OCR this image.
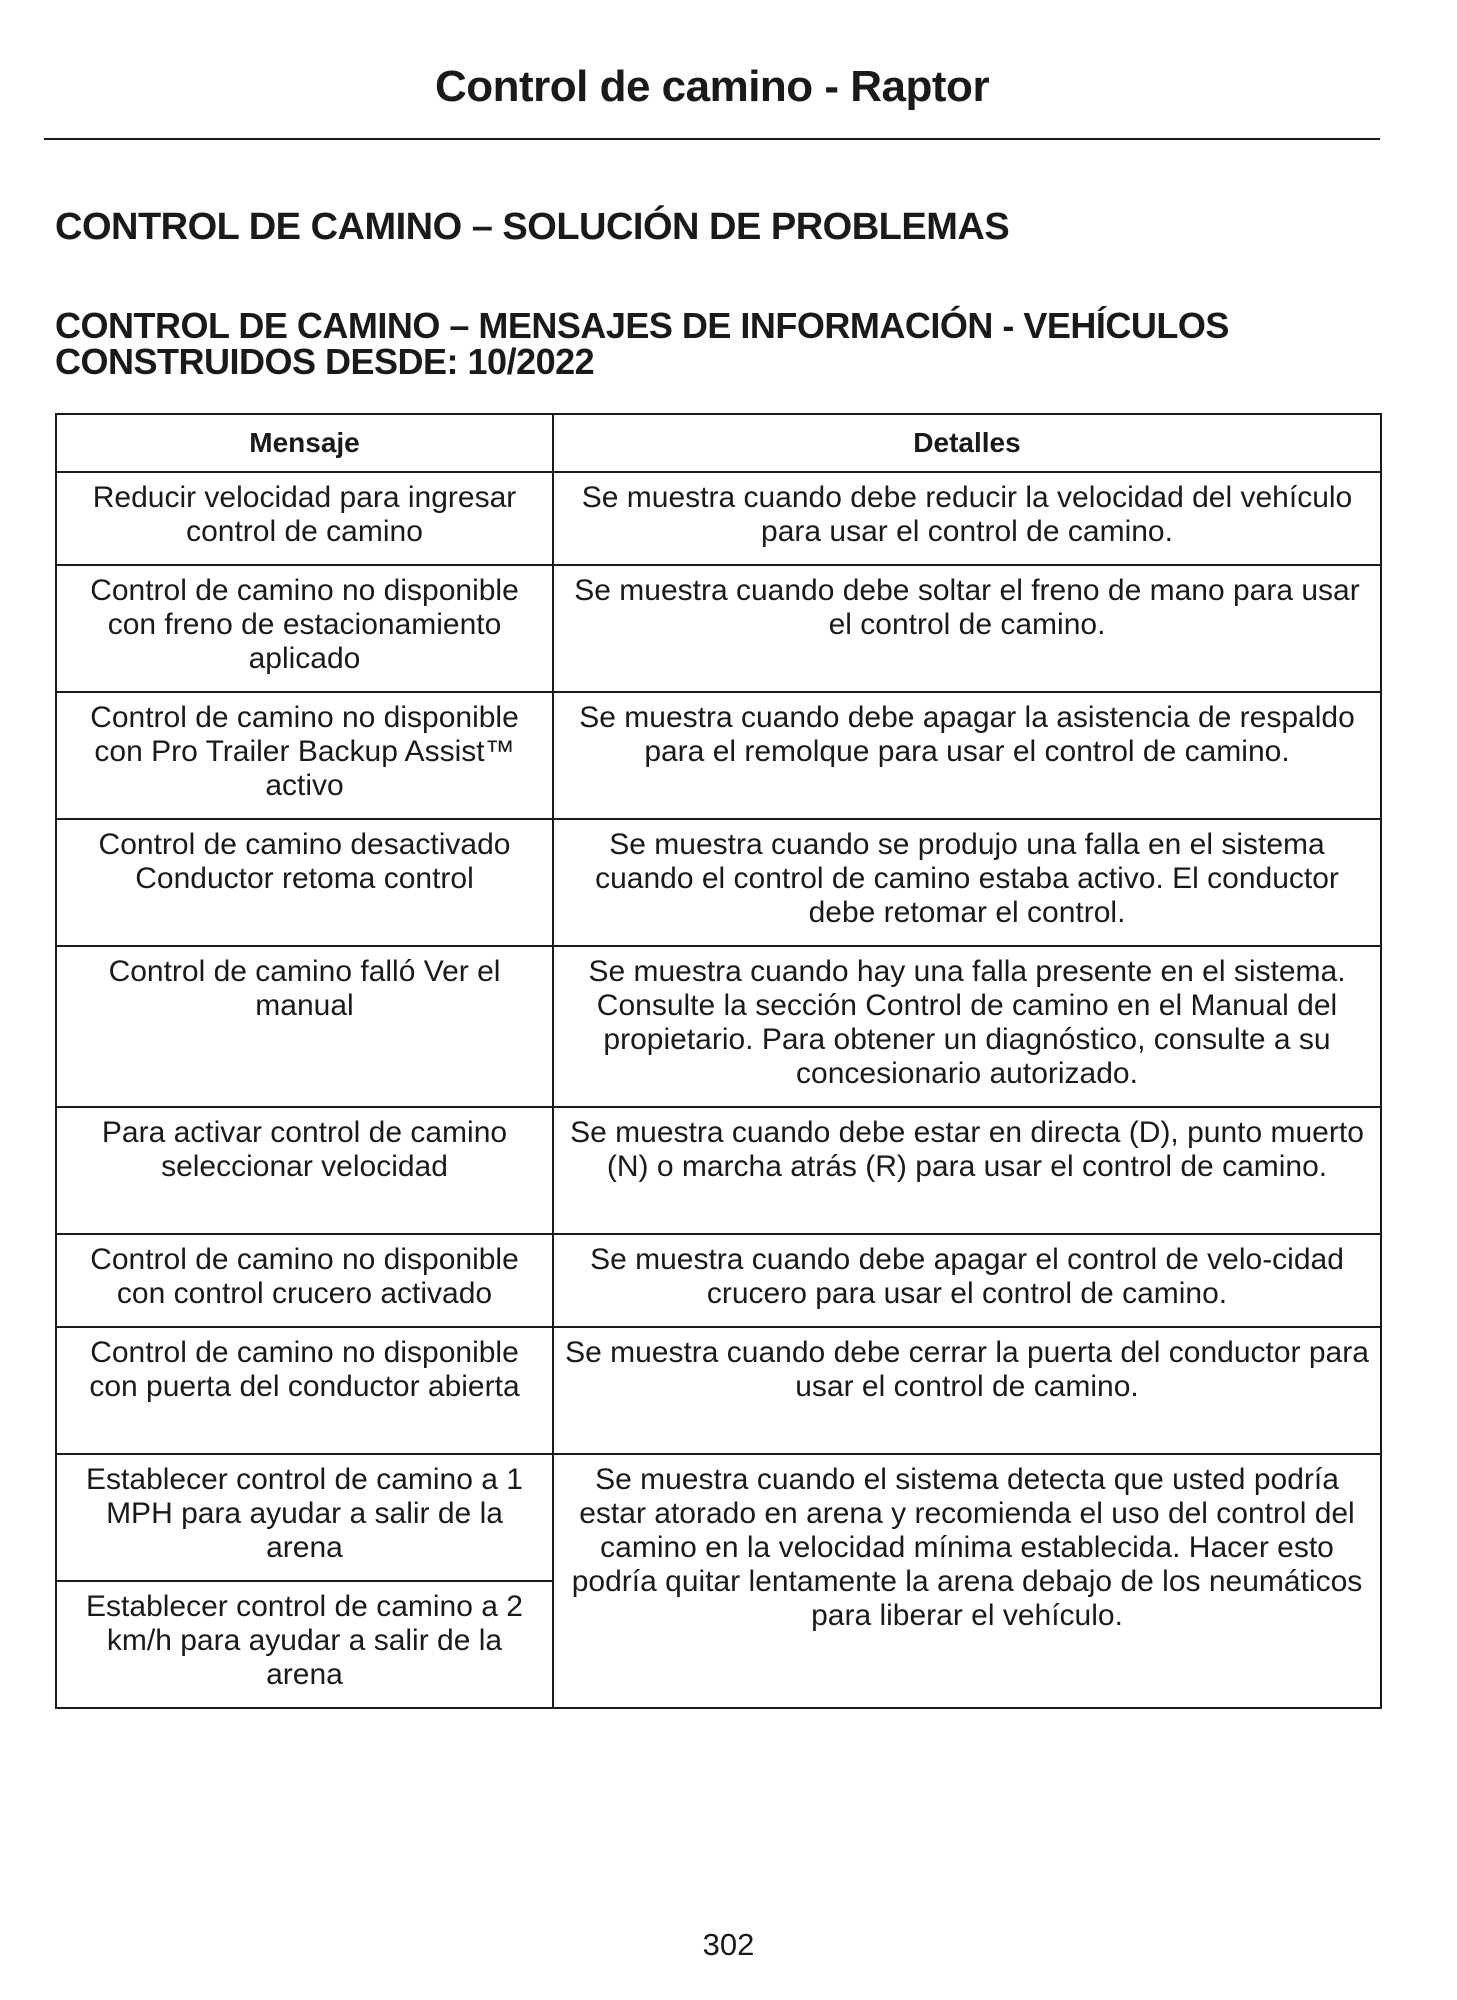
Control de camino - Raptor
CONTROL DE CAMINO – SOLUCIÓN DE PROBLEMAS
CONTROL DE CAMINO – MENSAJES DE INFORMACIÓN - VEHÍCULOS CONSTRUIDOS DESDE: 10/2022
Mensaje	Detalles
Reducir velocidad para ingresar control de camino	Se muestra cuando debe reducir la velocidad del vehículo para usar el control de camino.
Control de camino no disponible con freno de estacionamiento aplicado	Se muestra cuando debe soltar el freno de mano para usar el control de camino.
Control de camino no disponible con Pro Trailer Backup Assist™ activo	Se muestra cuando debe apagar la asistencia de respaldo para el remolque para usar el control de camino.
Control de camino desactivado Conductor retoma control	Se muestra cuando se produjo una falla en el sistema cuando el control de camino estaba activo. El conductor debe retomar el control.
Control de camino falló Ver el manual	Se muestra cuando hay una falla presente en el sistema. Consulte la sección Control de camino en el Manual del propietario. Para obtener un diagnóstico, consulte a su concesionario autorizado.
Para activar control de camino seleccionar velocidad	Se muestra cuando debe estar en directa (D), punto muerto (N) o marcha atrás (R) para usar el control de camino.
Control de camino no disponible con control crucero activado	Se muestra cuando debe apagar el control de velo-cidad crucero para usar el control de camino.
Control de camino no disponible con puerta del conductor abierta	Se muestra cuando debe cerrar la puerta del conductor para usar el control de camino.
Establecer control de camino a 1 MPH para ayudar a salir de la arena	Se muestra cuando el sistema detecta que usted podría estar atorado en arena y recomienda el uso del control del camino en la velocidad mínima establecida. Hacer esto podría quitar lentamente la arena debajo de los neumáticos para liberar el vehículo.
Establecer control de camino a 2 km/h para ayudar a salir de la arena	
302
